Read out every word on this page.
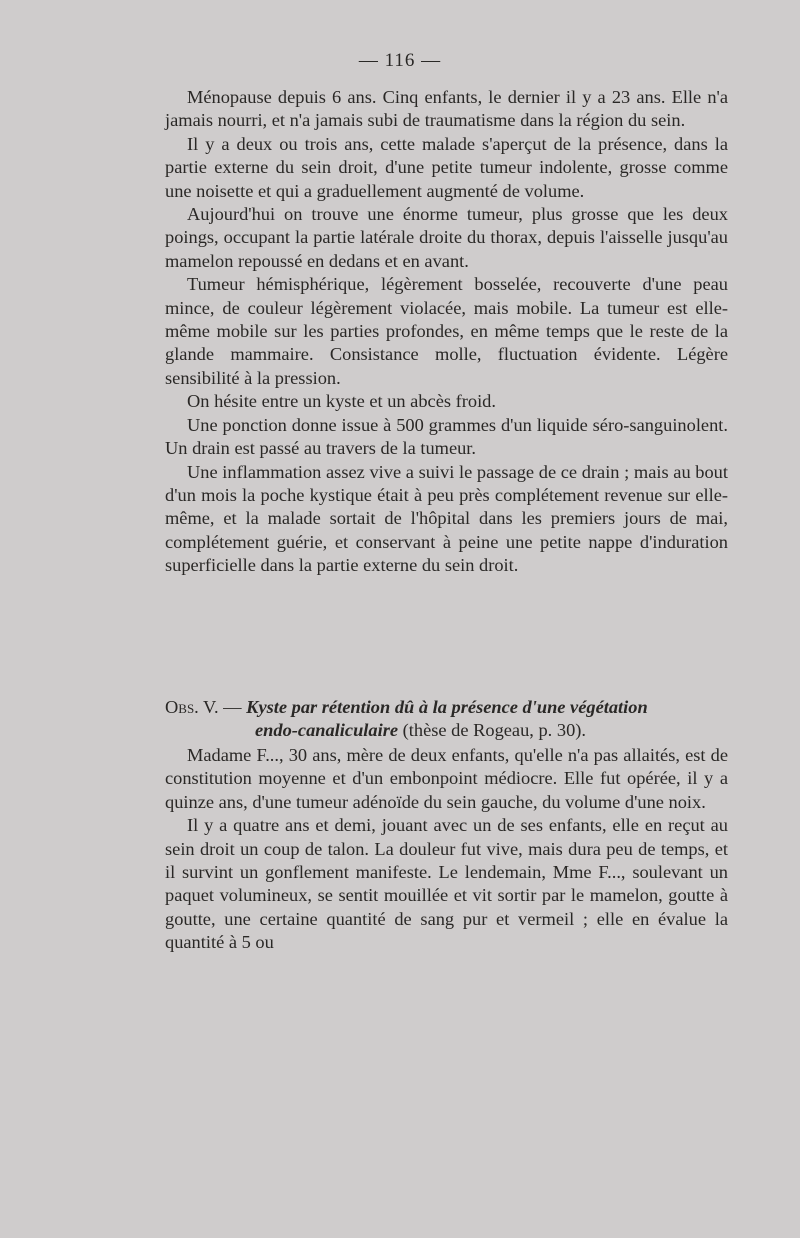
— 116 —

Ménopause depuis 6 ans. Cinq enfants, le dernier il y a 23 ans. Elle n'a jamais nourri, et n'a jamais subi de traumatisme dans la région du sein.

Il y a deux ou trois ans, cette malade s'aperçut de la présence, dans la partie externe du sein droit, d'une petite tumeur indolente, grosse comme une noisette et qui a graduellement augmenté de volume.

Aujourd'hui on trouve une énorme tumeur, plus grosse que les deux poings, occupant la partie latérale droite du thorax, depuis l'aisselle jusqu'au mamelon repoussé en dedans et en avant.

Tumeur hémisphérique, légèrement bosselée, recouverte d'une peau mince, de couleur légèrement violacée, mais mobile. La tumeur est elle-même mobile sur les parties profondes, en même temps que le reste de la glande mammaire. Consistance molle, fluctuation évidente. Légère sensibilité à la pression.

On hésite entre un kyste et un abcès froid.

Une ponction donne issue à 500 grammes d'un liquide séro-sanguinolent. Un drain est passé au travers de la tumeur.

Une inflammation assez vive a suivi le passage de ce drain ; mais au bout d'un mois la poche kystique était à peu près complétement revenue sur elle-même, et la malade sortait de l'hôpital dans les premiers jours de mai, complétement guérie, et conservant à peine une petite nappe d'induration superficielle dans la partie externe du sein droit.

Obs. V. — Kyste par rétention dû à la présence d'une végétation
endo-canaliculaire (thèse de Rogeau, p. 30).

Madame F..., 30 ans, mère de deux enfants, qu'elle n'a pas allaités, est de constitution moyenne et d'un embonpoint médiocre. Elle fut opérée, il y a quinze ans, d'une tumeur adénoïde du sein gauche, du volume d'une noix.

Il y a quatre ans et demi, jouant avec un de ses enfants, elle en reçut au sein droit un coup de talon. La douleur fut vive, mais dura peu de temps, et il survint un gonflement manifeste. Le lendemain, Mme F..., soulevant un paquet volumineux, se sentit mouillée et vit sortir par le mamelon, goutte à goutte, une certaine quantité de sang pur et vermeil ; elle en évalue la quantité à 5 ou
